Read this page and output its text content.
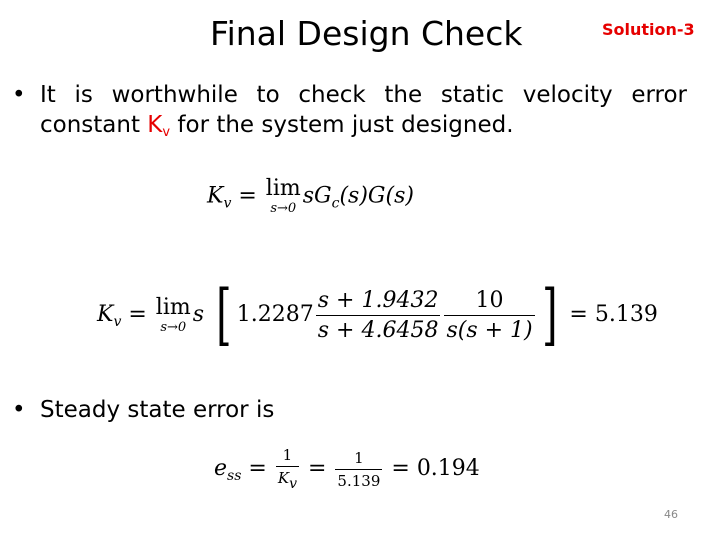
Final Design Check	Solution-3
• It is worthwhile to check the static velocity error constant $K_v$ for the system just designed.
$K_v = \lim$
s→0 $sG_c(s)G(s)$
$K_v = \lim$
s→0 s [ $1.2287 \frac{s + 1.9432}{s + 4.6458} \frac{10}{s(s + 1)}$ ] = 5.139
• Steady state error is
$e_{ss} = \frac{1}{K_v} = \frac{1}{5.139} = 0.194$
46
